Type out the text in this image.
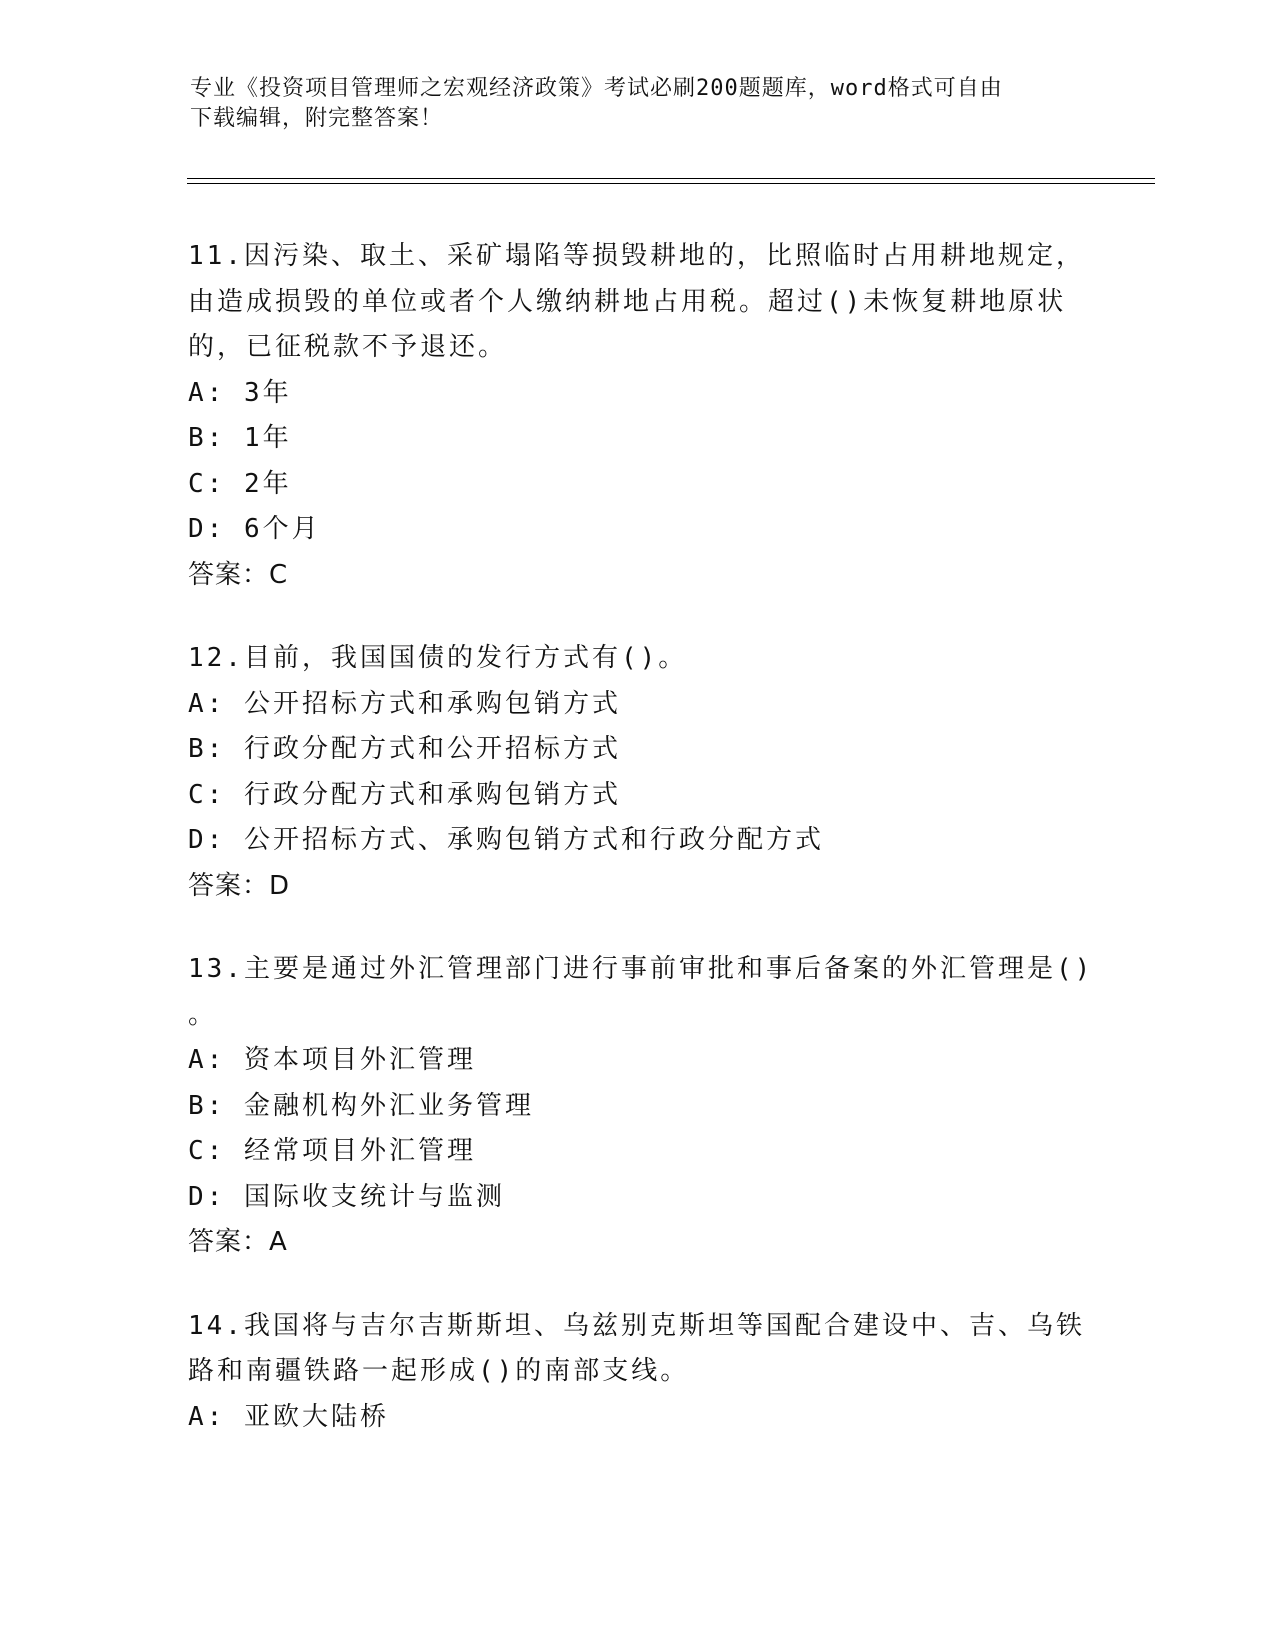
专业《投资项目管理师之宏观经济政策》考试必刷200题题库，word格式可自由
下载编辑，附完整答案！
11.因污染、取土、采矿塌陷等损毁耕地的，比照临时占用耕地规定，
由造成损毁的单位或者个人缴纳耕地占用税。超过()未恢复耕地原状
的，已征税款不予退还。
A: 3年
B: 1年
C: 2年
D: 6个月
答案：C
12.目前，我国国债的发行方式有()。
A: 公开招标方式和承购包销方式
B: 行政分配方式和公开招标方式
C: 行政分配方式和承购包销方式
D: 公开招标方式、承购包销方式和行政分配方式
答案：D
13.主要是通过外汇管理部门进行事前审批和事后备案的外汇管理是()
。
A: 资本项目外汇管理
B: 金融机构外汇业务管理
C: 经常项目外汇管理
D: 国际收支统计与监测
答案：A
14.我国将与吉尔吉斯斯坦、乌兹别克斯坦等国配合建设中、吉、乌铁
路和南疆铁路一起形成()的南部支线。
A: 亚欧大陆桥
